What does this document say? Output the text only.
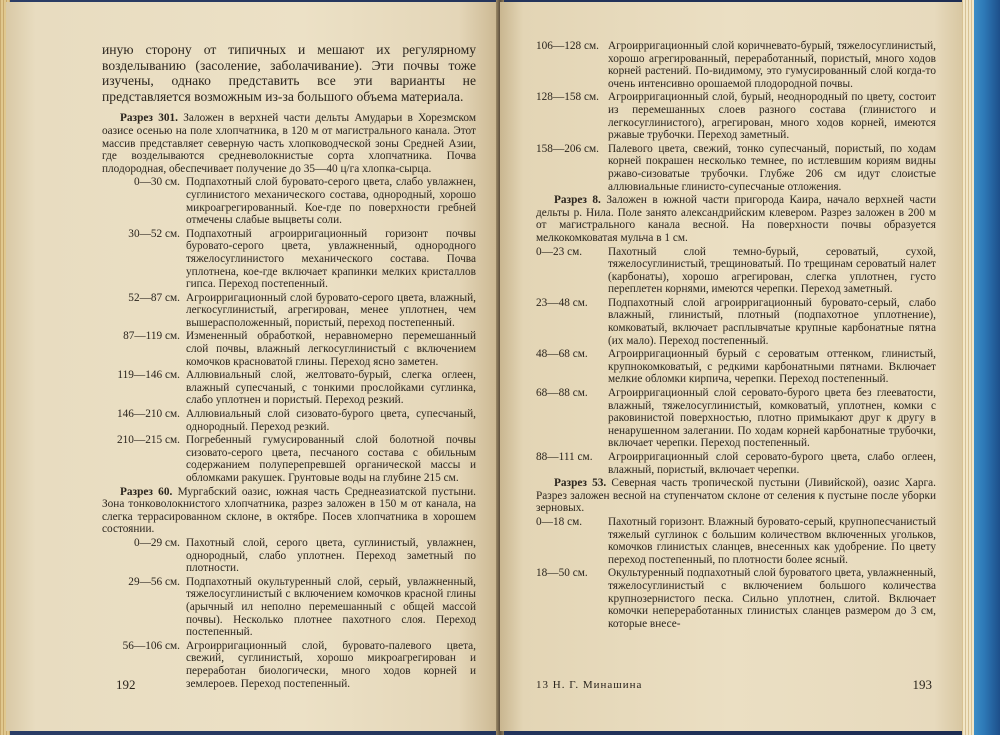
иную сторону от типичных и мешают их регулярному возделыванию (засоление, заболачивание). Эти почвы тоже изучены, однако представить все эти варианты не представляется возможным из-за большого объема материала.

Разрез 301. Заложен в верхней части дельты Амударьи в Хорезмском оазисе осенью на поле хлопчатника, в 120 м от магистрального канала. Этот массив представляет северную часть хлопководческой зоны Средней Азии, где возделываются средневолокнистые сорта хлопчатника. Почва плодородная, обеспечивает получение до 35—40 ц/га хлопка-сырца.

0—30 см. Подпахотный слой буровато-серого цвета, слабо увлажнен, суглинистого механического состава, однородный, хорошо микроагрегированный. Кое-где по поверхности гребней отмечены слабые выцветы соли.
30—52 см. Подпахотный агроирригационный горизонт почвы буровато-серого цвета, увлажненный, однородного тяжелосуглинистого механического состава. Почва уплотнена, кое-где включает крапинки мелких кристаллов гипса. Переход постепенный.
52—87 см. Агроирригационный слой буровато-серого цвета, влажный, легкосуглинистый, агрегирован, менее уплотнен, чем вышерасположенный, пористый, переход постепенный.
87—119 см. Измененный обработкой, неравномерно перемешанный слой почвы, влажный легкосуглинистый с включением комочков красноватой глины. Переход ясно заметен.
119—146 см. Аллювиальный слой, желтовато-бурый, слегка оглеен, влажный супесчаный, с тонкими прослойками суглинка, слабо уплотнен и пористый. Переход резкий.
146—210 см. Аллювиальный слой сизовато-бурого цвета, супесчаный, однородный. Переход резкий.
210—215 см. Погребенный гумусированный слой болотной почвы сизовато-серого цвета, песчаного состава с обильным содержанием полуперепревшей органической массы и обломками ракушек. Грунтовые воды на глубине 215 см.

Разрез 60. Мургабский оазис, южная часть Среднеазиатской пустыни. Зона тонковолокнистого хлопчатника, разрез заложен в 150 м от канала, на слегка террасированном склоне, в октябре. Посев хлопчатника в хорошем состоянии.

0—29 см. Пахотный слой, серого цвета, суглинистый, увлажнен, однородный, слабо уплотнен. Переход заметный по плотности.
29—56 см. Подпахотный окультуренный слой, серый, увлажненный, тяжелосуглинистый с включением комочков красной глины (арычный ил неполно перемешанный с общей массой почвы). Несколько плотнее пахотного слоя. Переход постепенный.
56—106 см. Агроирригационный слой, буровато-палевого цвета, свежий, суглинистый, хорошо микроагрегирован и переработан биологически, много ходов корней и землероев. Переход постепенный.
192
106—128 см. Агроирригационный слой коричневато-бурый, тяжелосуглинистый, хорошо агрегированный, переработанный, пористый, много ходов корней растений. По-видимому, это гумусированный слой когда-то очень интенсивно орошаемой плодородной почвы.
128—158 см. Агроирригационный слой, бурый, неоднородный по цвету, состоит из перемешанных слоев разного состава (глинистого и легкосуглинистого), агрегирован, много ходов корней, имеются ржавые трубочки. Переход заметный.
158—206 см. Палевого цвета, свежий, тонко супесчаный, пористый, по ходам корней покрашен несколько темнее, по истлевшим кориям видны ржаво-сизоватые трубочки. Глубже 206 см идут слоистые аллювиальные глинисто-супесчаные отложения.

Разрез 8. Заложен в южной части пригорода Каира, начало верхней части дельты р. Нила. Поле занято александрийским клевером. Разрез заложен в 200 м от магистрального канала весной. На поверхности почвы образуется мелкокомковатая мульча в 1 см.

0—23 см.	Пахотный слой темно-бурый, сероватый, сухой, тяжелосуглинистый, трещиноватый. По трещинам сероватый налет (карбонаты), хорошо агрегирован, слегка уплотнен, густо переплетен корнями, имеются черепки. Переход заметный.
23—48 см.	Подпахотный слой агроирригационный буровато-серый, слабо влажный, глинистый, плотный (подпахотное уплотнение), комковатый, включает расплывчатые крупные карбонатные пятна (их мало). Переход постепенный.
48—68 см.	Агроирригационный бурый с сероватым оттенком, глинистый, крупнокомковатый, с редкими карбонатными пятнами. Включает мелкие обломки кирпича, черепки. Переход постепенный.
68—88 см.	Агроирригационный слой серовато-бурого цвета без глееватости, влажный, тяжелосуглинистый, комковатый, уплотнен, комки с раковинистой поверхностью, плотно примыкают друг к другу в ненарушенном залегании. По ходам корней карбонатные трубочки, включает черепки. Переход постепенный.
88—111 см.	Агроирригационный слой серовато-бурого цвета, слабо оглеен, влажный, пористый, включает черепки.

Разрез 53. Северная часть тропической пустыни (Ливийской), оазис Харга. Разрез заложен весной на ступенчатом склоне от селения к пустыне после уборки зерновых.

0—18 см.	Пахотный горизонт. Влажный буровато-серый, крупнопесчанистый тяжелый суглинок с большим количеством включенных угольков, комочков глинистых сланцев, внесенных как удобрение. По цвету переход постепенный, по плотности более ясный.
18—50 см.	Окультуренный подпахотный слой буроватого цвета, увлажненный, тяжелосуглинистый с включением большого количества крупнозернистого песка. Сильно уплотнен, слитой. Включает комочки непереработанных глинистых сланцев размером до 3 см, которые внесе-
13 Н. Г. Минашина	193
